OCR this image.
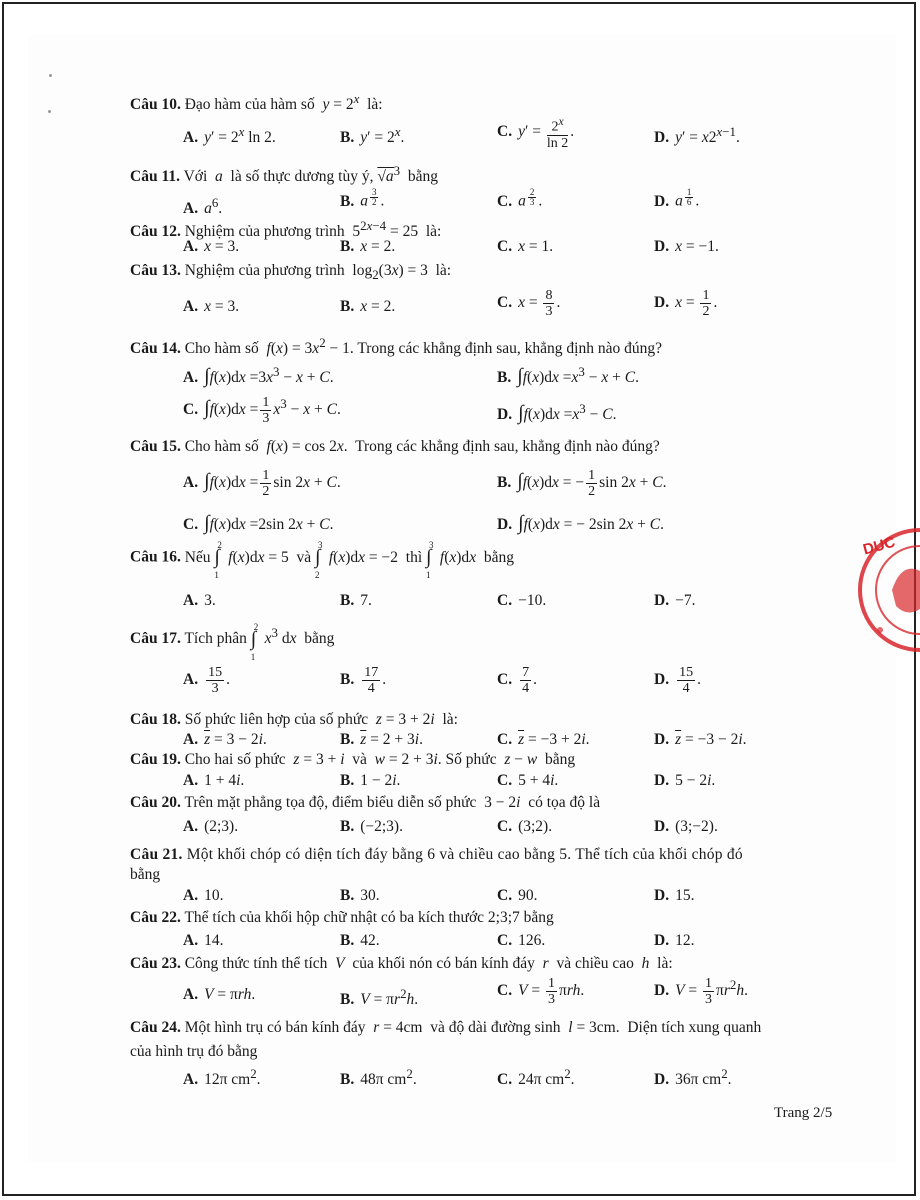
Câu 10. Đạo hàm của hàm số  $y = 2^x$  là:
A. $y' = 2^x$ ln 2.	B. $y' = 2^x$.	C. $y' = \frac{2^x}{\ln 2}$ .	D. $y' = x2^{x-1}$.
Câu 11. Với  a  là số thực dương tùy ý, $√a^3$  bằng
A. $a^6$.	B. a $^{\frac{3}{2}}$ .	C. a $^{\frac{2}{3}}$ .	D. a $^{\frac{1}{6}}$ .
Câu 12. Nghiệm của phương trình  $5^{2x-4} = 25$  là:
A. x = 3.	B. x = 2.	C. x = 1.	D. x = −1.
Câu 13. Nghiệm của phương trình  $\log_2(3x) = 3$  là:
A. x = 3.	B. x = 2.	C. $x = \frac{8}{3}$ .	D. $x = \frac{1}{2}$ .
Câu 14. Cho hàm số  $f(x) = 3x^2 - 1$. Trong các khẳng định sau, khẳng định nào đúng?
A. $\int f(x)dx =3x^3 - x + C$.	B. $\int f(x)dx =x^3 - x + C$.
C. $\int f(x)dx = \frac{1}{3} x^3 - x + C$.	D. $\int f(x)dx =x^3 - C$.
Câu 15. Cho hàm số  f(x) = cos 2x.  Trong các khẳng định sau, khẳng định nào đúng?
A. $\int f(x)dx = \frac{1}{2}$ sin 2x + C.	B. ∫f(x)dx = − $\frac{1}{2}$ sin 2x + C.
C. ∫f(x)dx =2sin 2x + C.	D. ∫f(x)dx = − 2sin 2x + C.
Câu 16. Nếu
2
∫
1
f(x)dx = 5  và
3
∫
2
f(x)dx = −2  thì
3
∫
1
f(x)dx  bằng
A. 3.	B. 7.	C. −10.	D. −7.
Câu 17. Tích phân
2
∫
1
$x^3$ dx  bằng
A. $\frac{15}{3}$ .	B. $\frac{17}{4}$ .	C. $\frac{7}{4}$ .	D. $\frac{15}{4}$ .
Câu 18. Số phức liên hợp của số phức  z = 3 + 2i  là:
A. $\overline{z} = 3 - 2i$.	B. $\overline{z} = 2 + 3i$.	C. $\overline{z} = -3 + 2i$.	D. $\overline{z} = -3 - 2i$.
Câu 19. Cho hai số phức  z = 3 + i  và  w = 2 + 3i. Số phức  z − w  bằng
A. 1 + 4i.	B. 1 − 2i.	C. 5 + 4i.	D. 5 − 2i.
Câu 20. Trên mặt phẳng tọa độ, điểm biểu diễn số phức  3 − 2i  có tọa độ là
A. (2;3).	B. (−2;3).	C. (3;2).	D. (3;−2).
Câu 21. Một khối chóp có diện tích đáy bằng 6 và chiều cao bằng 5. Thể tích của khối chóp đó
bằng
A. 10.	B. 30.	C. 90.	D. 15.
Câu 22. Thể tích của khối hộp chữ nhật có ba kích thước 2;3;7 bằng
A. 14.	B. 42.	C. 126.	D. 12.
Câu 23. Công thức tính thể tích  V  của khối nón có bán kính đáy  r  và chiều cao  h  là:
A. V = πrh.	B. $V = \pi r^2h$.
C. $V = \frac{1}{3} \pi rh$.	D. $V = \frac{1}{3} \pi r^2h$.
Câu 24. Một hình trụ có bán kính đáy  r = 4cm  và độ dài đường sinh  l = 3cm.  Diện tích xung quanh
của hình trụ đó bằng
A. 12π $cm^2$.	B. 48π $cm^2$.	C. 24π $cm^2$.	D. 36π $cm^2$.
Trang 2/5
DUC
